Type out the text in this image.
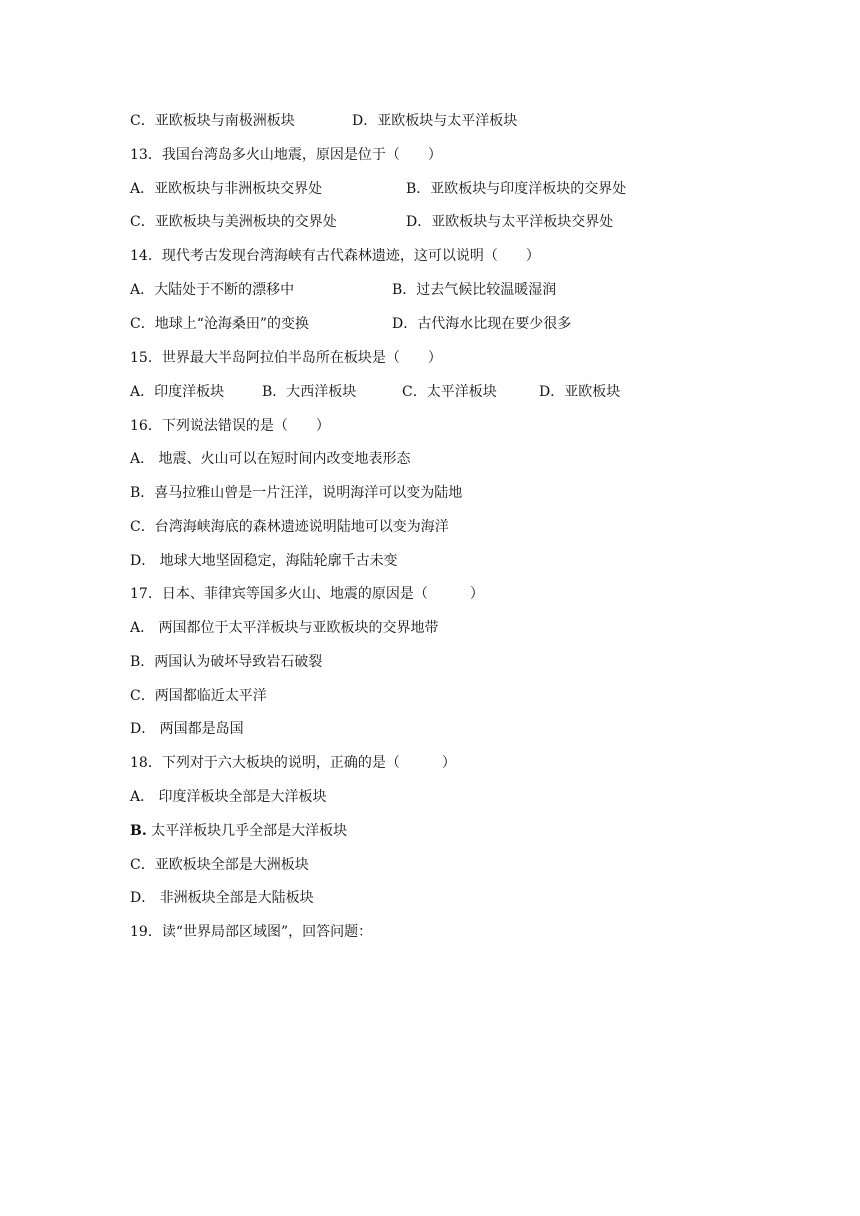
C．亚欧板块与南极洲板块	D．亚欧板块与太平洋板块
13．我国台湾岛多火山地震，原因是位于（　　）
A．亚欧板块与非洲板块交界处	B．亚欧板块与印度洋板块的交界处
C．亚欧板块与美洲板块的交界处	D．亚欧板块与太平洋板块交界处
14．现代考古发现台湾海峡有古代森林遗迹，这可以说明（　　）
A．大陆处于不断的漂移中	B．过去气候比较温暖湿润
C．地球上“沧海桑田”的变换	D．古代海水比现在要少很多
15．世界最大半岛阿拉伯半岛所在板块是（　　）
A．印度洋板块	B．大西洋板块	C．太平洋板块	D．亚欧板块
16．下列说法错误的是（　　）
A． 地震、火山可以在短时间内改变地表形态
B．喜马拉雅山曾是一片汪洋，说明海洋可以变为陆地
C．台湾海峡海底的森林遗迹说明陆地可以变为海洋
D． 地球大地坚固稳定，海陆轮廓千古未变
17．日本、菲律宾等国多火山、地震的原因是（　　　）
A． 两国都位于太平洋板块与亚欧板块的交界地带
B．两国认为破坏导致岩石破裂
C．两国都临近太平洋
D． 两国都是岛国
18．下列对于六大板块的说明，正确的是（　　　）
A． 印度洋板块全部是大洋板块
B. 太平洋板块几乎全部是大洋板块
C．亚欧板块全部是大洲板块
D． 非洲板块全部是大陆板块
19．读“世界局部区域图”，回答问题：
